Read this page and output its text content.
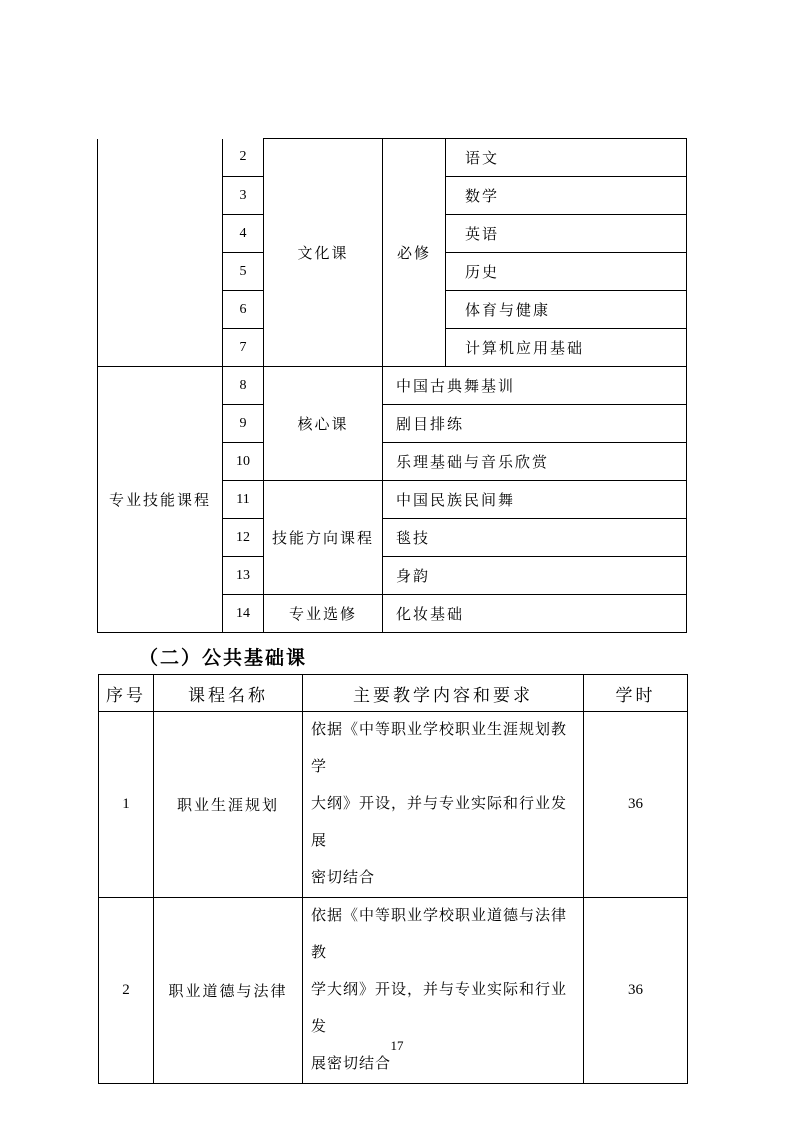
	2	文化课	必修	语文
	3			数学
	4			英语
	5			历史
	6			体育与健康
	7			计算机应用基础
专业技能课程	8	核心课	中国古典舞基训	
	9		剧目排练	
	10		乐理基础与音乐欣赏	
	11	技能方向课程	中国民族民间舞	
	12		毯技	
	13		身韵	
	14	专业选修	化妆基础	
（二）公共基础课
序号	课程名称	主要教学内容和要求	学时
1	职业生涯规划	依据《中等职业学校职业生涯规划教学
大纲》开设，并与专业实际和行业发展
密切结合	36
2	职业道德与法律	依据《中等职业学校职业道德与法律教
学大纲》开设，并与专业实际和行业发
展密切结合	36
17
